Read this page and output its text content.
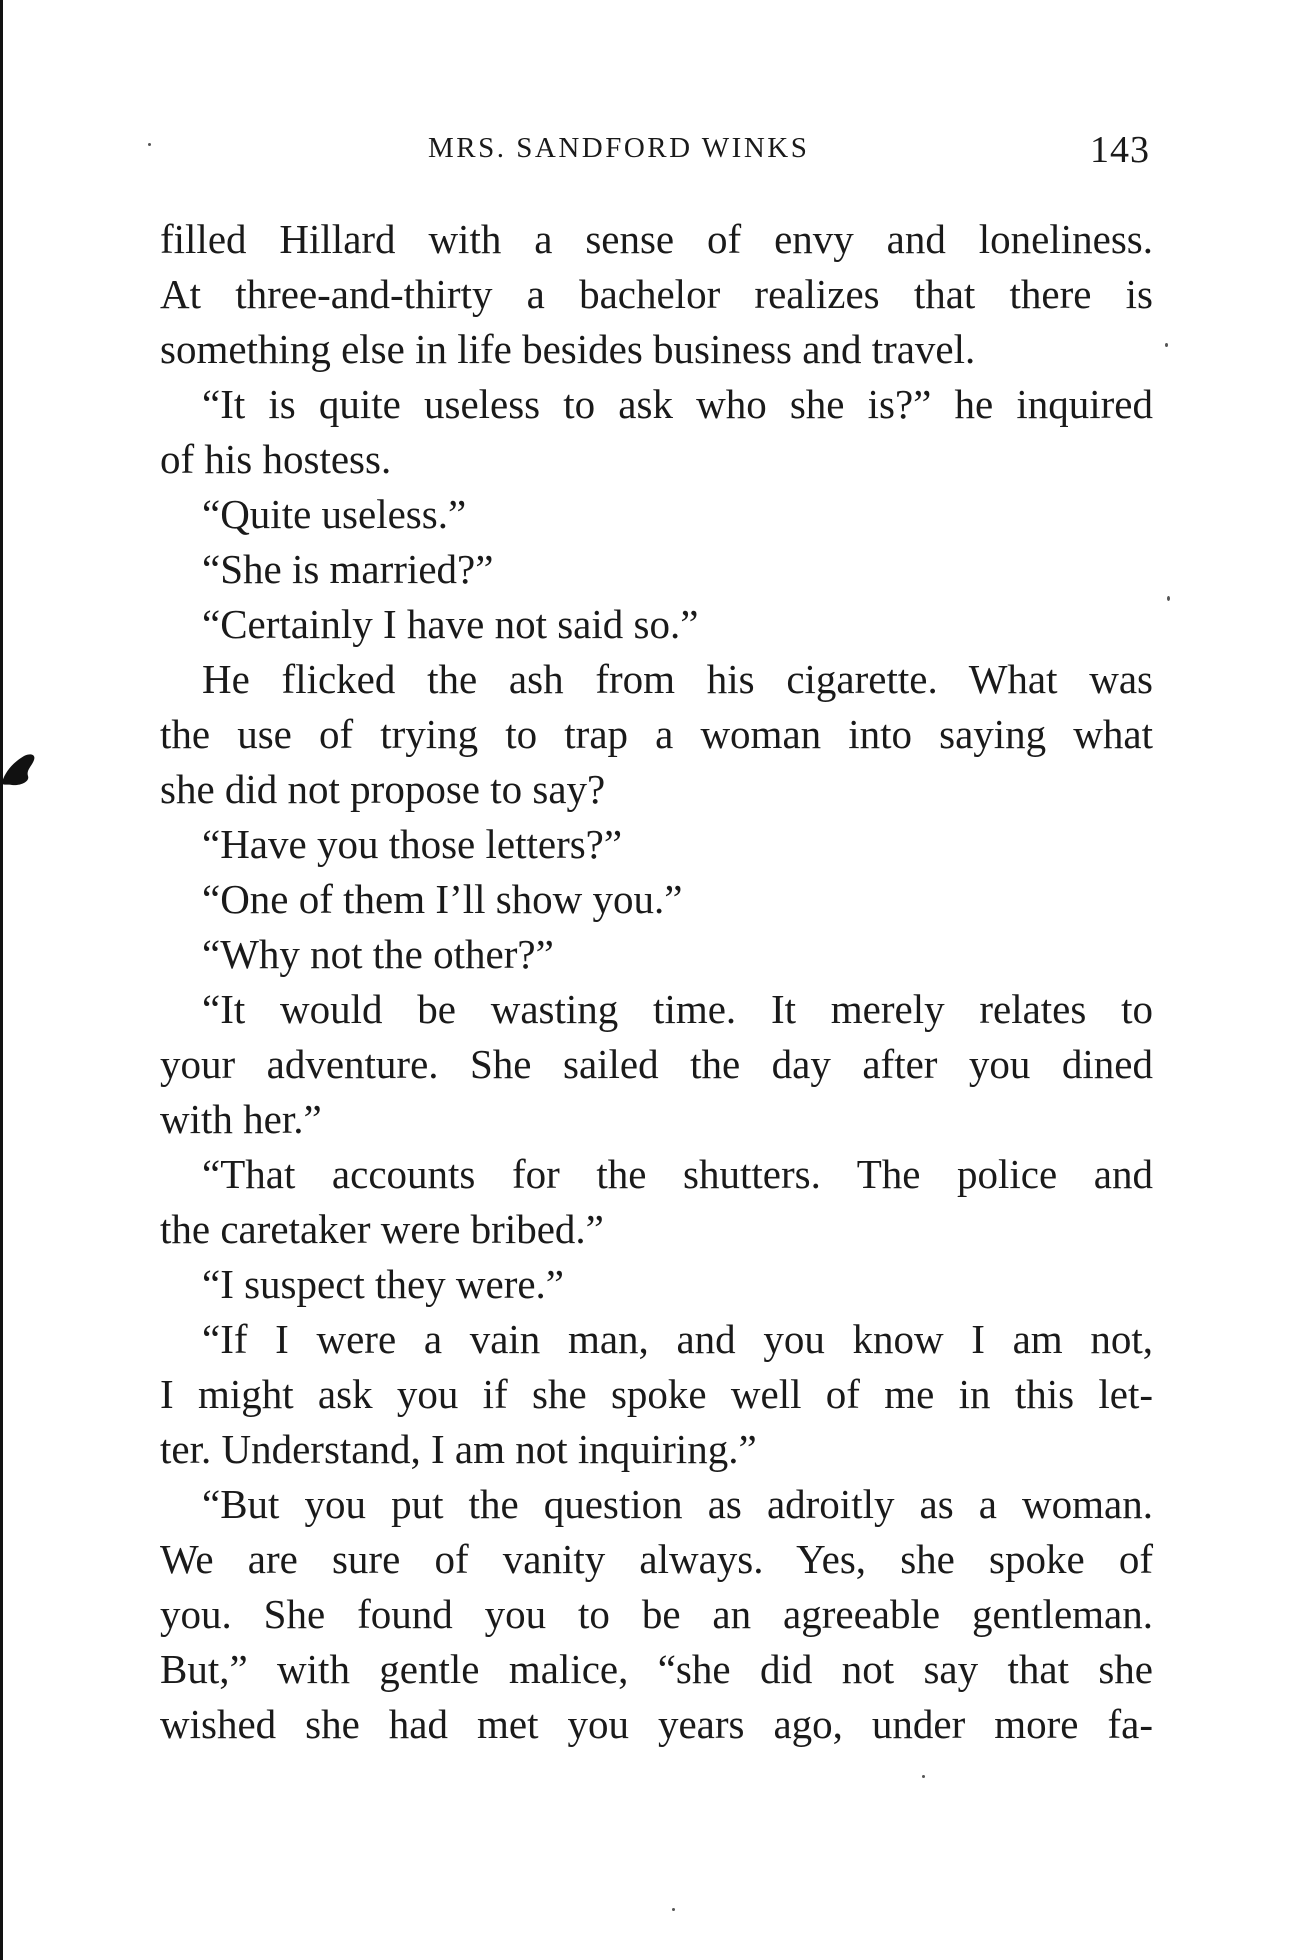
MRS. SANDFORD WINKS	143
filled Hillard with a sense of envy and loneliness.
At three-and-thirty a bachelor realizes that there is
something else in life besides business and travel.
“It is quite useless to ask who she is?” he inquired
of his hostess.
“Quite useless.”
“She is married?”
“Certainly I have not said so.”
He flicked the ash from his cigarette. What was
the use of trying to trap a woman into saying what
she did not propose to say?
“Have you those letters?”
“One of them I’ll show you.”
“Why not the other?”
“It would be wasting time. It merely relates to
your adventure. She sailed the day after you dined
with her.”
“That accounts for the shutters. The police and
the caretaker were bribed.”
“I suspect they were.”
“If I were a vain man, and you know I am not,
I might ask you if she spoke well of me in this let-
ter. Understand, I am not inquiring.”
“But you put the question as adroitly as a woman.
We are sure of vanity always. Yes, she spoke of
you. She found you to be an agreeable gentleman.
But,” with gentle malice, “she did not say that she
wished she had met you years ago, under more fa-
